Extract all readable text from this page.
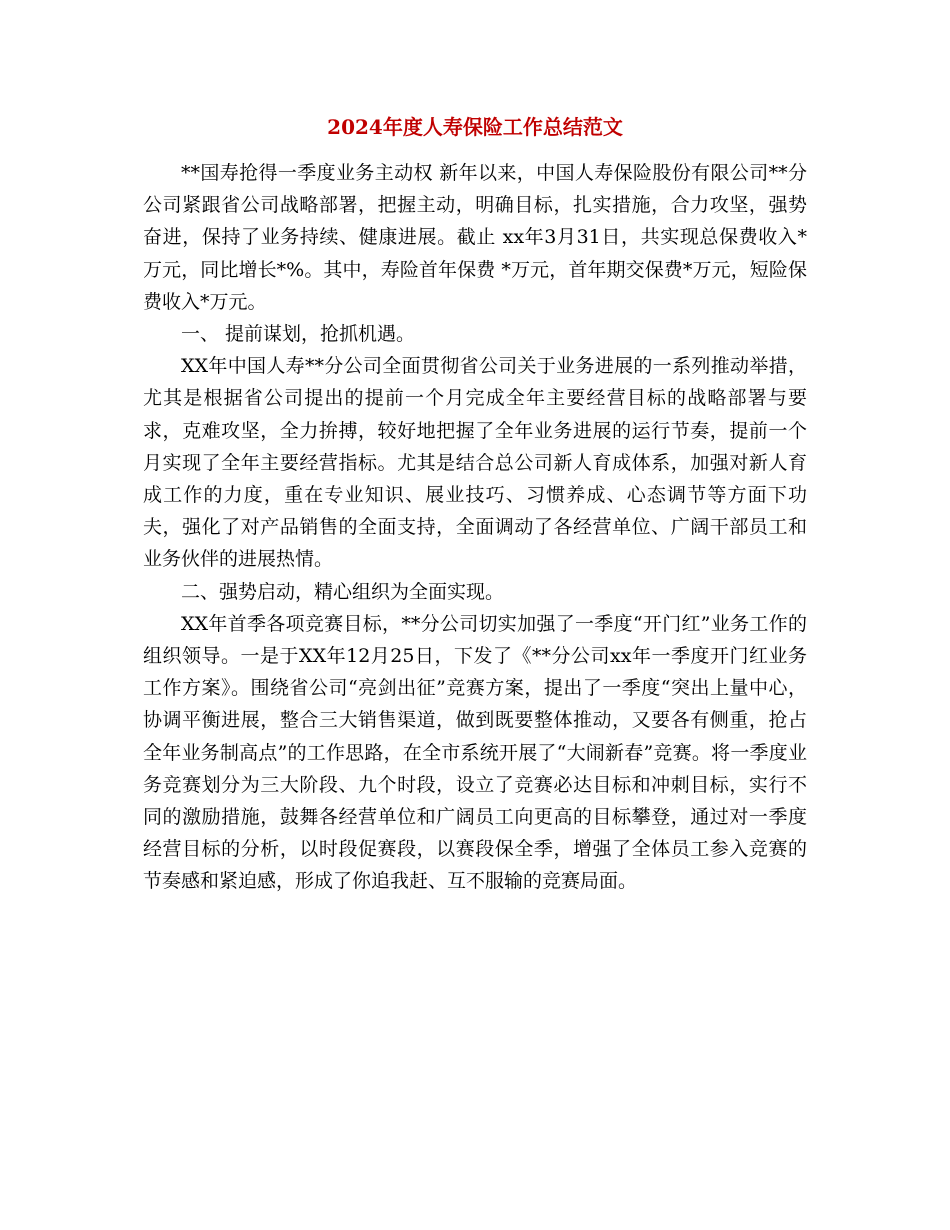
2024年度人寿保险工作总结范文

**国寿抢得一季度业务主动权 新年以来，中国人寿保险股份有限公司**分公司紧跟省公司战略部署，把握主动，明确目标，扎实措施，合力攻坚，强势奋进，保持了业务持续、健康进展。截止 xx年3月31日，共实现总保费收入* 万元，同比增长*%。其中，寿险首年保费 *万元，首年期交保费*万元，短险保费收入*万元。

一、 提前谋划，抢抓机遇。

XX年中国人寿**分公司全面贯彻省公司关于业务进展的一系列推动举措，尤其是根据省公司提出的提前一个月完成全年主要经营目标的战略部署与要求，克难攻坚，全力拚搏，较好地把握了全年业务进展的运行节奏，提前一个月实现了全年主要经营指标。尤其是结合总公司新人育成体系，加强对新人育成工作的力度，重在专业知识、展业技巧、习惯养成、心态调节等方面下功夫，强化了对产品销售的全面支持，全面调动了各经营单位、广阔干部员工和业务伙伴的进展热情。

二、强势启动，精心组织为全面实现。

XX年首季各项竞赛目标，**分公司切实加强了一季度“开门红”业务工作的组织领导。一是于XX年12月25日，下发了《**分公司xx年一季度开门红业务工作方案》。围绕省公司“亮剑出征”竞赛方案，提出了一季度“突出上量中心，协调平衡进展，整合三大销售渠道，做到既要整体推动，又要各有侧重，抢占全年业务制高点”的工作思路，在全市系统开展了“大闹新春”竞赛。将一季度业务竞赛划分为三大阶段、九个时段，设立了竞赛必达目标和冲刺目标，实行不同的激励措施，鼓舞各经营单位和广阔员工向更高的目标攀登，通过对一季度经营目标的分析，以时段促赛段，以赛段保全季，增强了全体员工参入竞赛的节奏感和紧迫感，形成了你追我赶、互不服输的竞赛局面。
